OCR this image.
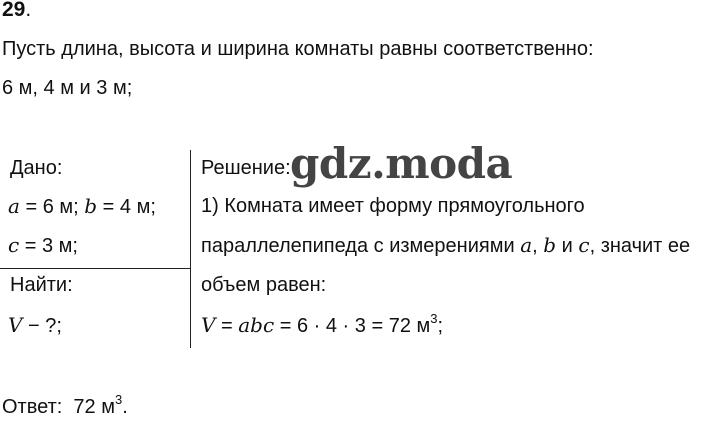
29.
Пусть длина, высота и ширина комнаты равны соответственно:
6 м, 4 м и 3 м;
Дано:
a = 6 м; b = 4 м;
c = 3 м;
Найти:
V − ?;
Решение:
1) Комната имеет форму прямоугольного
параллелепипеда с измерениями a, b и c, значит ее
объем равен:
V = abc = 6 · 4 · 3 = 72 $м^3$;
Ответ: 72 $м^3$.
gdz.moda
